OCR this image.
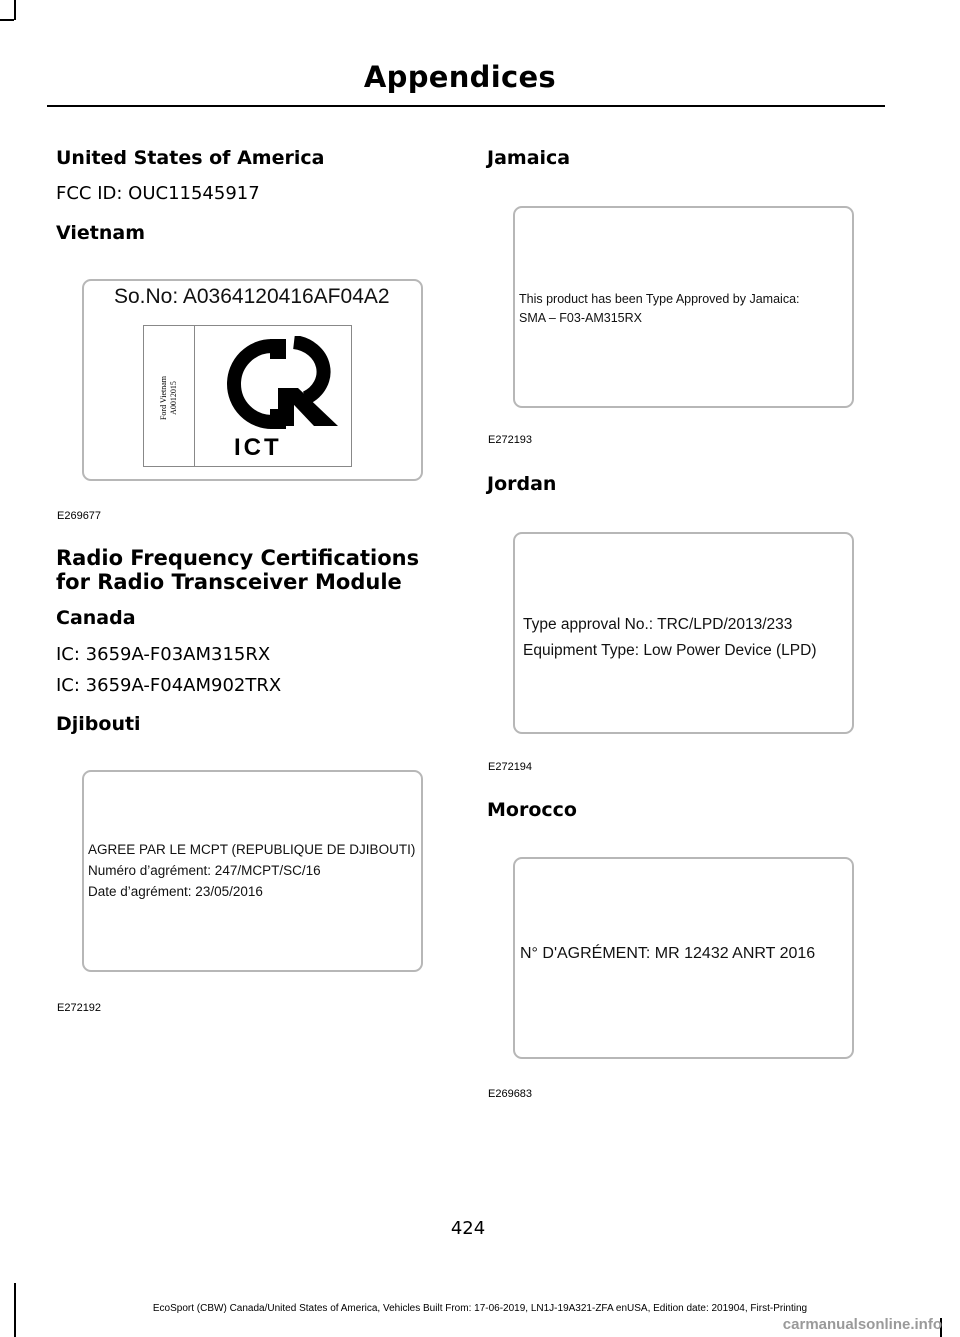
Appendices
United States of America
FCC ID: OUC11545917
Vietnam
So.No: A0364120416AF04A2
Ford Vietnam A0012015
ICT
E269677
Radio Frequency Certifications for Radio Transceiver Module
Canada
IC: 3659A-F03AM315RX
IC: 3659A-F04AM902TRX
Djibouti
AGREE PAR LE MCPT (REPUBLIQUE DE DJIBOUTI)
Numéro d’agrément: 247/MCPT/SC/16
Date d’agrément: 23/05/2016
E272192
Jamaica
This product has been Type Approved by Jamaica:
SMA – F03-AM315RX
E272193
Jordan
Type approval No.: TRC/LPD/2013/233
Equipment Type: Low Power Device (LPD)
E272194
Morocco
N° D'AGRÉMENT: MR 12432 ANRT 2016
E269683
424
EcoSport (CBW) Canada/United States of America, Vehicles Built From: 17-06-2019, LN1J-19A321-ZFA enUSA, Edition date: 201904, First-Printing
carmanualsonline.info
